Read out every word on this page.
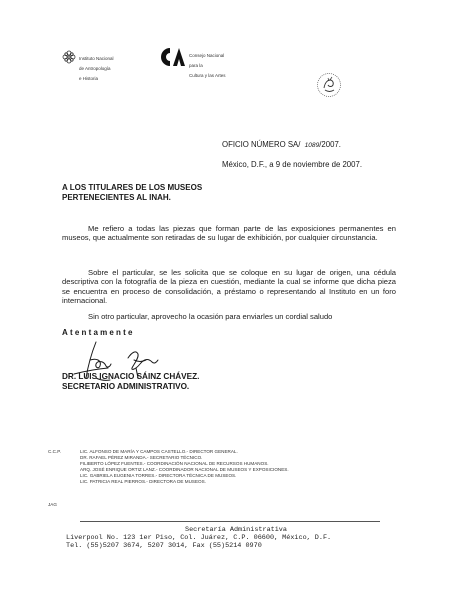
Instituto Nacional

de Antropología

e Historia

Consejo Nacional

para la

Cultura y las Artes

OFICIO NÚMERO SA/ 1089/2007.
México, D.F., a 9 de noviembre de 2007.
A LOS TITULARES DE LOS MUSEOS
PERTENECIENTES AL INAH.
Me refiero a todas las piezas que forman parte de las exposiciones permanentes en museos, que actualmente son retiradas de su lugar de exhibición, por cualquier circunstancia.
Sobre el particular, se les solicita que se coloque en su lugar de origen, una cédula descriptiva con la fotografía de la pieza en cuestión, mediante la cual se informe que dicha pieza se encuentra en proceso de consolidación, a préstamo o representando al Instituto en un foro internacional.
Sin otro particular, aprovecho la ocasión para enviarles un cordial saludo
Atentamente
DR. LUIS IGNACIO SÁINZ CHÁVEZ.
SECRETARIO ADMINISTRATIVO.
C.C.P.	LIC. ALFONSO DE MARÍA Y CAMPOS CASTELLO.- DIRECTOR GENERAL.
DR. RAFAEL PÉREZ MIRANDA.- SECRETARIO TÉCNICO.
FILIBERTO LÓPEZ FUENTES.- COORDINACIÓN NACIONAL DE RECURSOS HUMANOS.
ARQ. JOSÉ ENRIQUE ORTIZ LANZ.- COORDINADOR NACIONAL DE MUSEOS Y EXPOSICIONES.
LIC. GABRIELA EUGENIA TORRES.- DIRECTORA TÉCNICA DE MUSEOS.
LIC. PATRICIA REAL PIERROS.- DIRECTORA DE MUSEOS.
JAG
Secretaría Administrativa
Liverpool No. 123 1er Piso, Col. Juárez, C.P. 06600, México, D.F.
Tel. (55)5207 3674, 5207 3014, Fax (55)5214 0970
